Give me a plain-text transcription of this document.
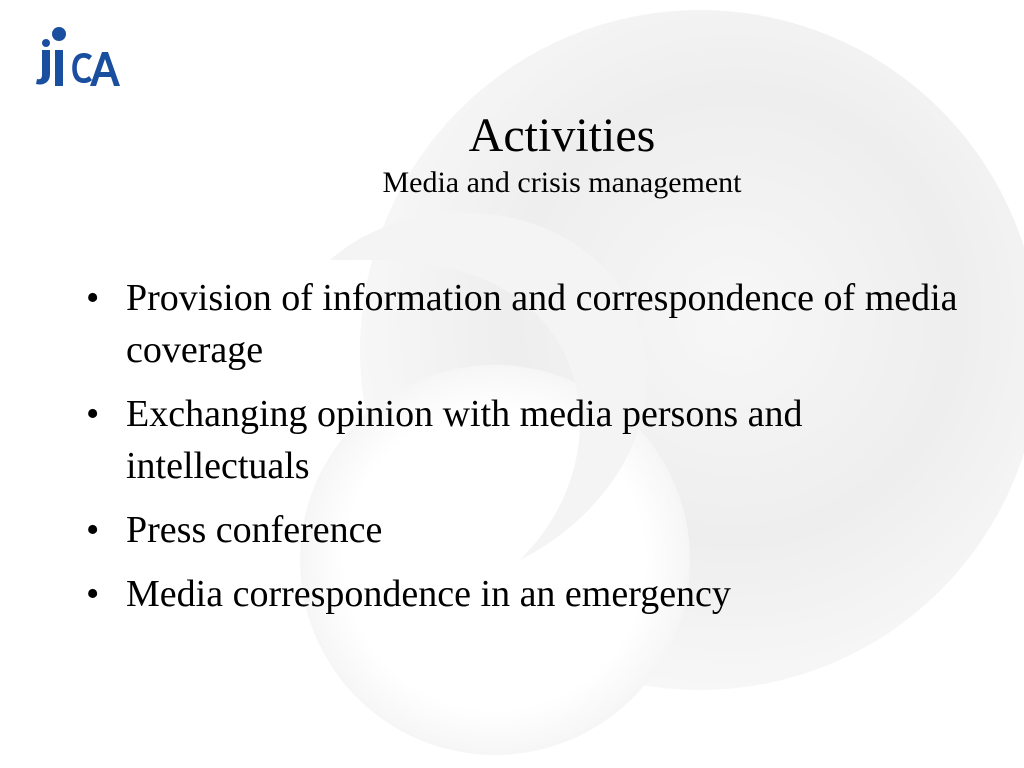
Activities
Media and crisis management
• Provision of information and correspondence of media coverage
• Exchanging opinion with media persons and intellectuals
• Press conference
• Media correspondence in an emergency
